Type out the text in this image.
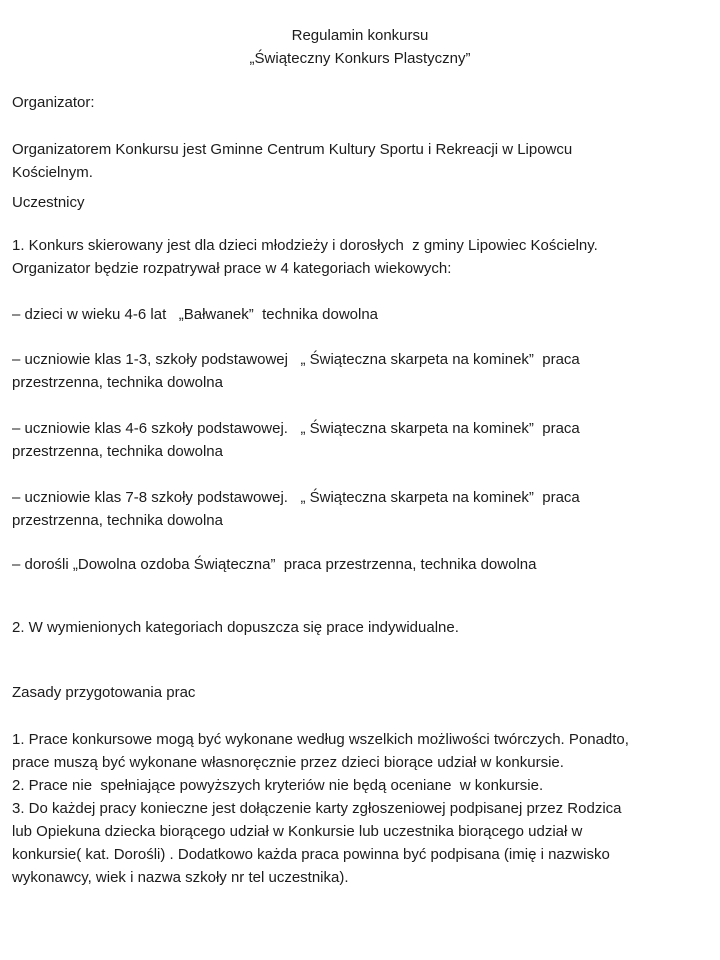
Regulamin konkursu
„Świąteczny Konkurs Plastyczny”
Organizator:
Organizatorem Konkursu jest Gminne Centrum Kultury Sportu i Rekreacji w Lipowcu
Kościelnym.
Uczestnicy
1. Konkurs skierowany jest dla dzieci młodzieży i dorosłych  z gminy Lipowiec Kościelny.
Organizator będzie rozpatrywał prace w 4 kategoriach wiekowych:
– dzieci w wieku 4-6 lat   „Bałwanek”  technika dowolna
– uczniowie klas 1-3, szkoły podstawowej   „ Świąteczna skarpeta na kominek”  praca
przestrzenna, technika dowolna
– uczniowie klas 4-6 szkoły podstawowej.   „ Świąteczna skarpeta na kominek”  praca
przestrzenna, technika dowolna
– uczniowie klas 7-8 szkoły podstawowej.   „ Świąteczna skarpeta na kominek”  praca
przestrzenna, technika dowolna
– dorośli „Dowolna ozdoba Świąteczna”  praca przestrzenna, technika dowolna
2. W wymienionych kategoriach dopuszcza się prace indywidualne.
Zasady przygotowania prac
1. Prace konkursowe mogą być wykonane według wszelkich możliwości twórczych. Ponadto,
prace muszą być wykonane własnoręcznie przez dzieci biorące udział w konkursie.
2. Prace nie  spełniające powyższych kryteriów nie będą oceniane  w konkursie.
3. Do każdej pracy konieczne jest dołączenie karty zgłoszeniowej podpisanej przez Rodzica
lub Opiekuna dziecka biorącego udział w Konkursie lub uczestnika biorącego udział w
konkursie( kat. Dorośli) . Dodatkowo każda praca powinna być podpisana (imię i nazwisko
wykonawcy, wiek i nazwa szkoły nr tel uczestnika).
